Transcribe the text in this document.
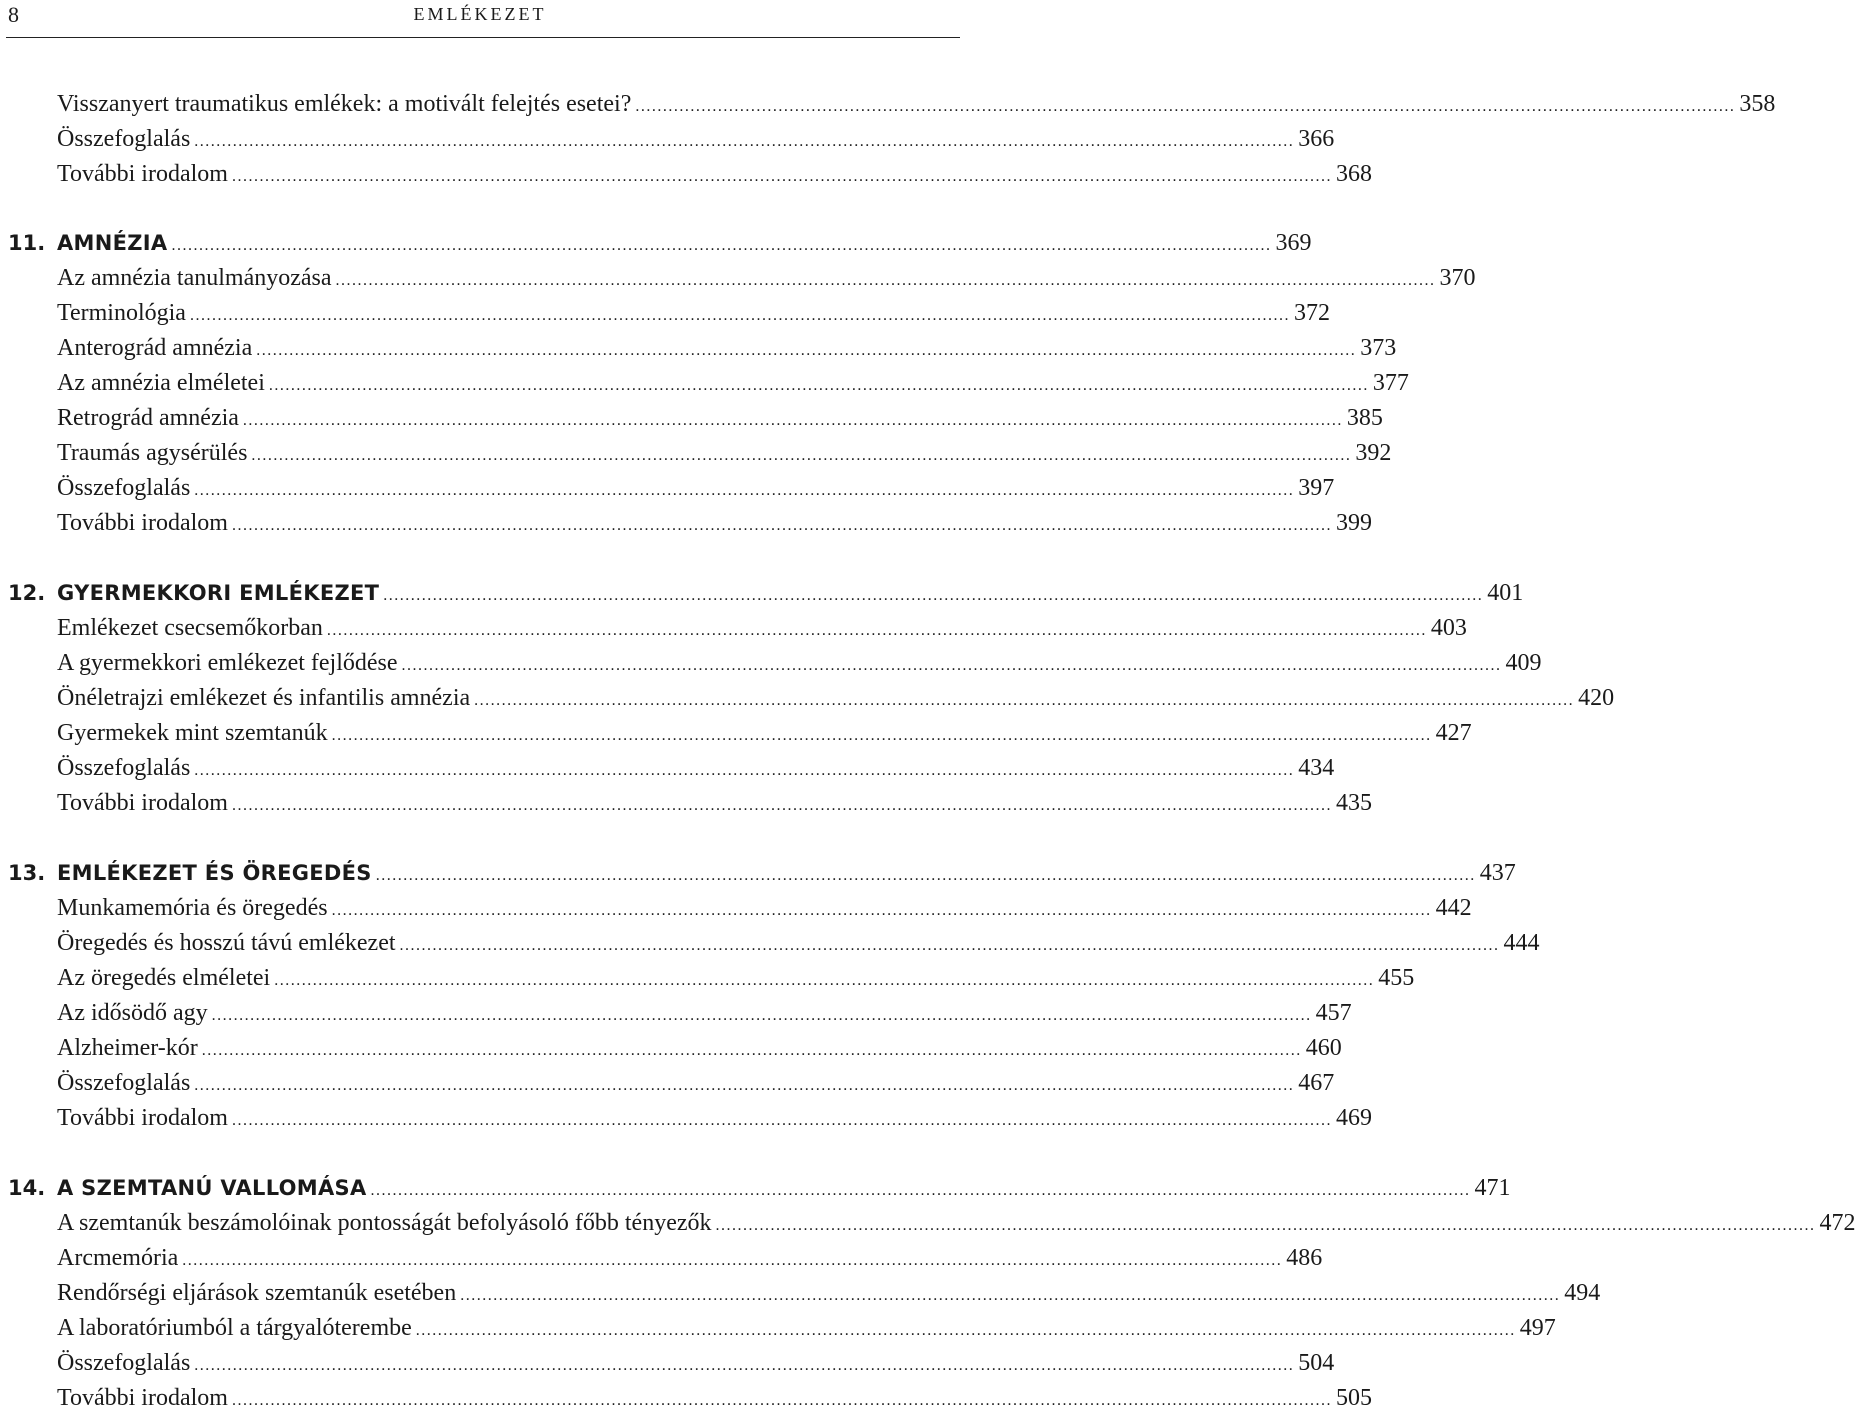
8	EMLÉKEZET
Visszanyert traumatikus emlékek: a motivált felejtés esetei? ........................................................................................................................................................................................................ 358
Összefoglalás ........................................................................................................................................................................................................ 366
További irodalom ........................................................................................................................................................................................................ 368
11. AMNÉZIA ........................................................................................................................................................................................................ 369
Az amnézia tanulmányozása ........................................................................................................................................................................................................ 370
Terminológia ........................................................................................................................................................................................................ 372
Anterográd amnézia ........................................................................................................................................................................................................ 373
Az amnézia elméletei ........................................................................................................................................................................................................ 377
Retrográd amnézia ........................................................................................................................................................................................................ 385
Traumás agysérülés ........................................................................................................................................................................................................ 392
Összefoglalás ........................................................................................................................................................................................................ 397
További irodalom ........................................................................................................................................................................................................ 399
12. GYERMEKKORI EMLÉKEZET ........................................................................................................................................................................................................ 401
Emlékezet csecsemőkorban ........................................................................................................................................................................................................ 403
A gyermekkori emlékezet fejlődése ........................................................................................................................................................................................................ 409
Önéletrajzi emlékezet és infantilis amnézia ........................................................................................................................................................................................................ 420
Gyermekek mint szemtanúk ........................................................................................................................................................................................................ 427
Összefoglalás ........................................................................................................................................................................................................ 434
További irodalom ........................................................................................................................................................................................................ 435
13. EMLÉKEZET ÉS ÖREGEDÉS ........................................................................................................................................................................................................ 437
Munkamemória és öregedés ........................................................................................................................................................................................................ 442
Öregedés és hosszú távú emlékezet ........................................................................................................................................................................................................ 444
Az öregedés elméletei ........................................................................................................................................................................................................ 455
Az idősödő agy ........................................................................................................................................................................................................ 457
Alzheimer-kór ........................................................................................................................................................................................................ 460
Összefoglalás ........................................................................................................................................................................................................ 467
További irodalom ........................................................................................................................................................................................................ 469
14. A SZEMTANÚ VALLOMÁSA ........................................................................................................................................................................................................ 471
A szemtanúk beszámolóinak pontosságát befolyásoló főbb tényezők ........................................................................................................................................................................................................ 472
Arcmemória ........................................................................................................................................................................................................ 486
Rendőrségi eljárások szemtanúk esetében ........................................................................................................................................................................................................ 494
A laboratóriumból a tárgyalóterembe ........................................................................................................................................................................................................ 497
Összefoglalás ........................................................................................................................................................................................................ 504
További irodalom ........................................................................................................................................................................................................ 505
